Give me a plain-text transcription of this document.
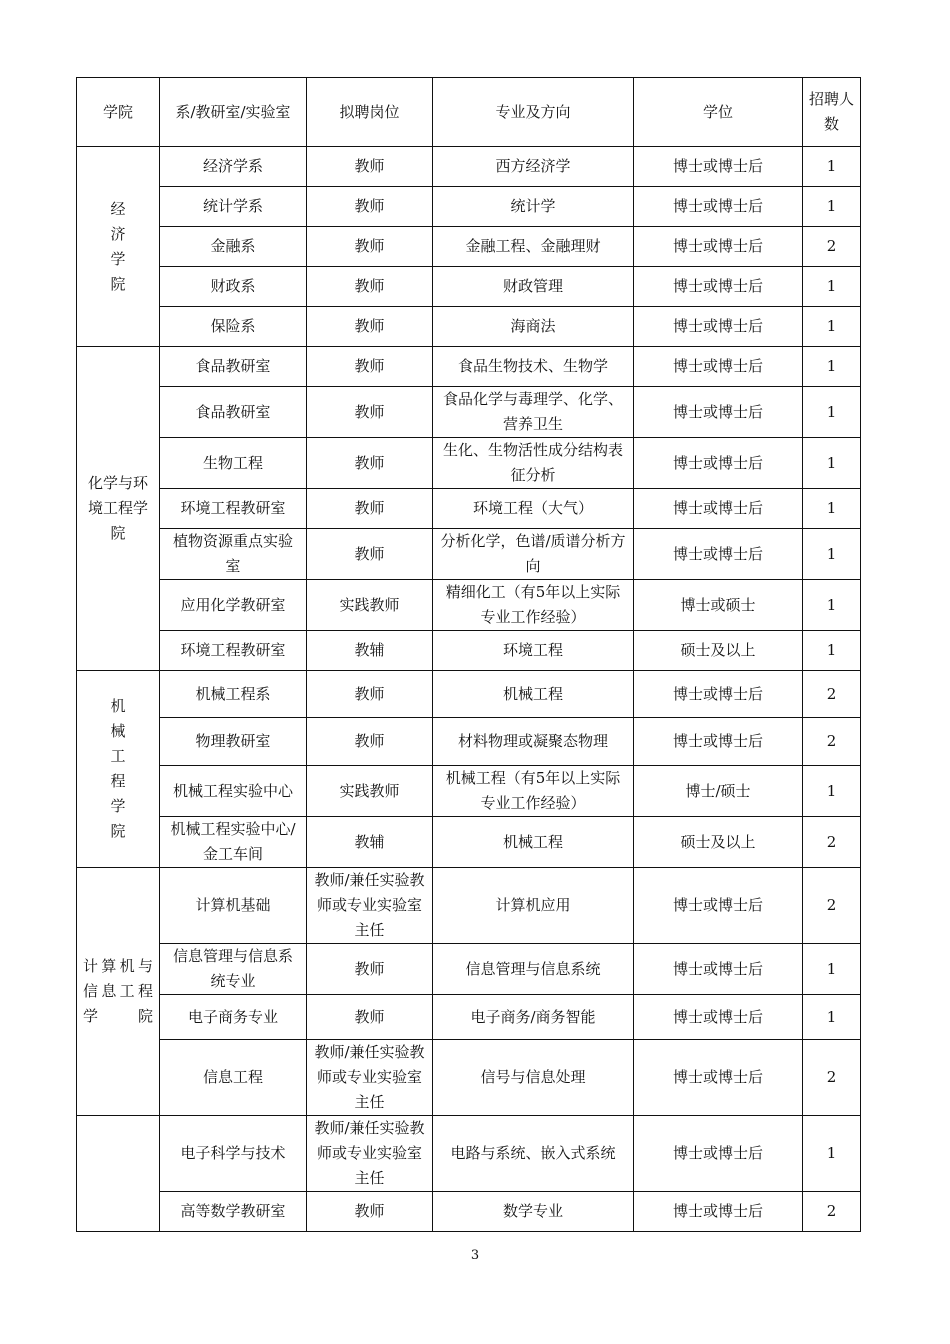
学院	系/教研室/实验室	拟聘岗位	专业及方向	学位	招聘人数
经济学院	经济学系	教师	西方经济学	博士或博士后	1
	统计学系	教师	统计学	博士或博士后	1
	金融系	教师	金融工程、金融理财	博士或博士后	2
	财政系	教师	财政管理	博士或博士后	1
	保险系	教师	海商法	博士或博士后	1
化学与环境工程学院	食品教研室	教师	食品生物技术、生物学	博士或博士后	1
	食品教研室	教师	食品化学与毒理学、化学、营养卫生	博士或博士后	1
	生物工程	教师	生化、生物活性成分结构表征分析	博士或博士后	1
	环境工程教研室	教师	环境工程（大气）	博士或博士后	1
	植物资源重点实验室	教师	分析化学，色谱/质谱分析方向	博士或博士后	1
	应用化学教研室	实践教师	精细化工（有5年以上实际专业工作经验）	博士或硕士	1
	环境工程教研室	教辅	环境工程	硕士及以上	1
机械工程学院	机械工程系	教师	机械工程	博士或博士后	2
	物理教研室	教师	材料物理或凝聚态物理	博士或博士后	2
	机械工程实验中心	实践教师	机械工程（有5年以上实际专业工作经验）	博士/硕士	1
	机械工程实验中心/金工车间	教辅	机械工程	硕士及以上	2

计算机与信息工程学院	计算机基础	教师/兼任实验教师或专业实验室主任	计算机应用	博士或博士后	2
	信息管理与信息系统专业	教师	信息管理与信息系统	博士或博士后	1
	电子商务专业	教师	电子商务/商务智能	博士或博士后	1
	信息工程	教师/兼任实验教师或专业实验室主任	信号与信息处理	博士或博士后	2
	电子科学与技术	教师/兼任实验教师或专业实验室主任	电路与系统、嵌入式系统	博士或博士后	1
	高等数学教研室	教师	数学专业	博士或博士后	2
3
